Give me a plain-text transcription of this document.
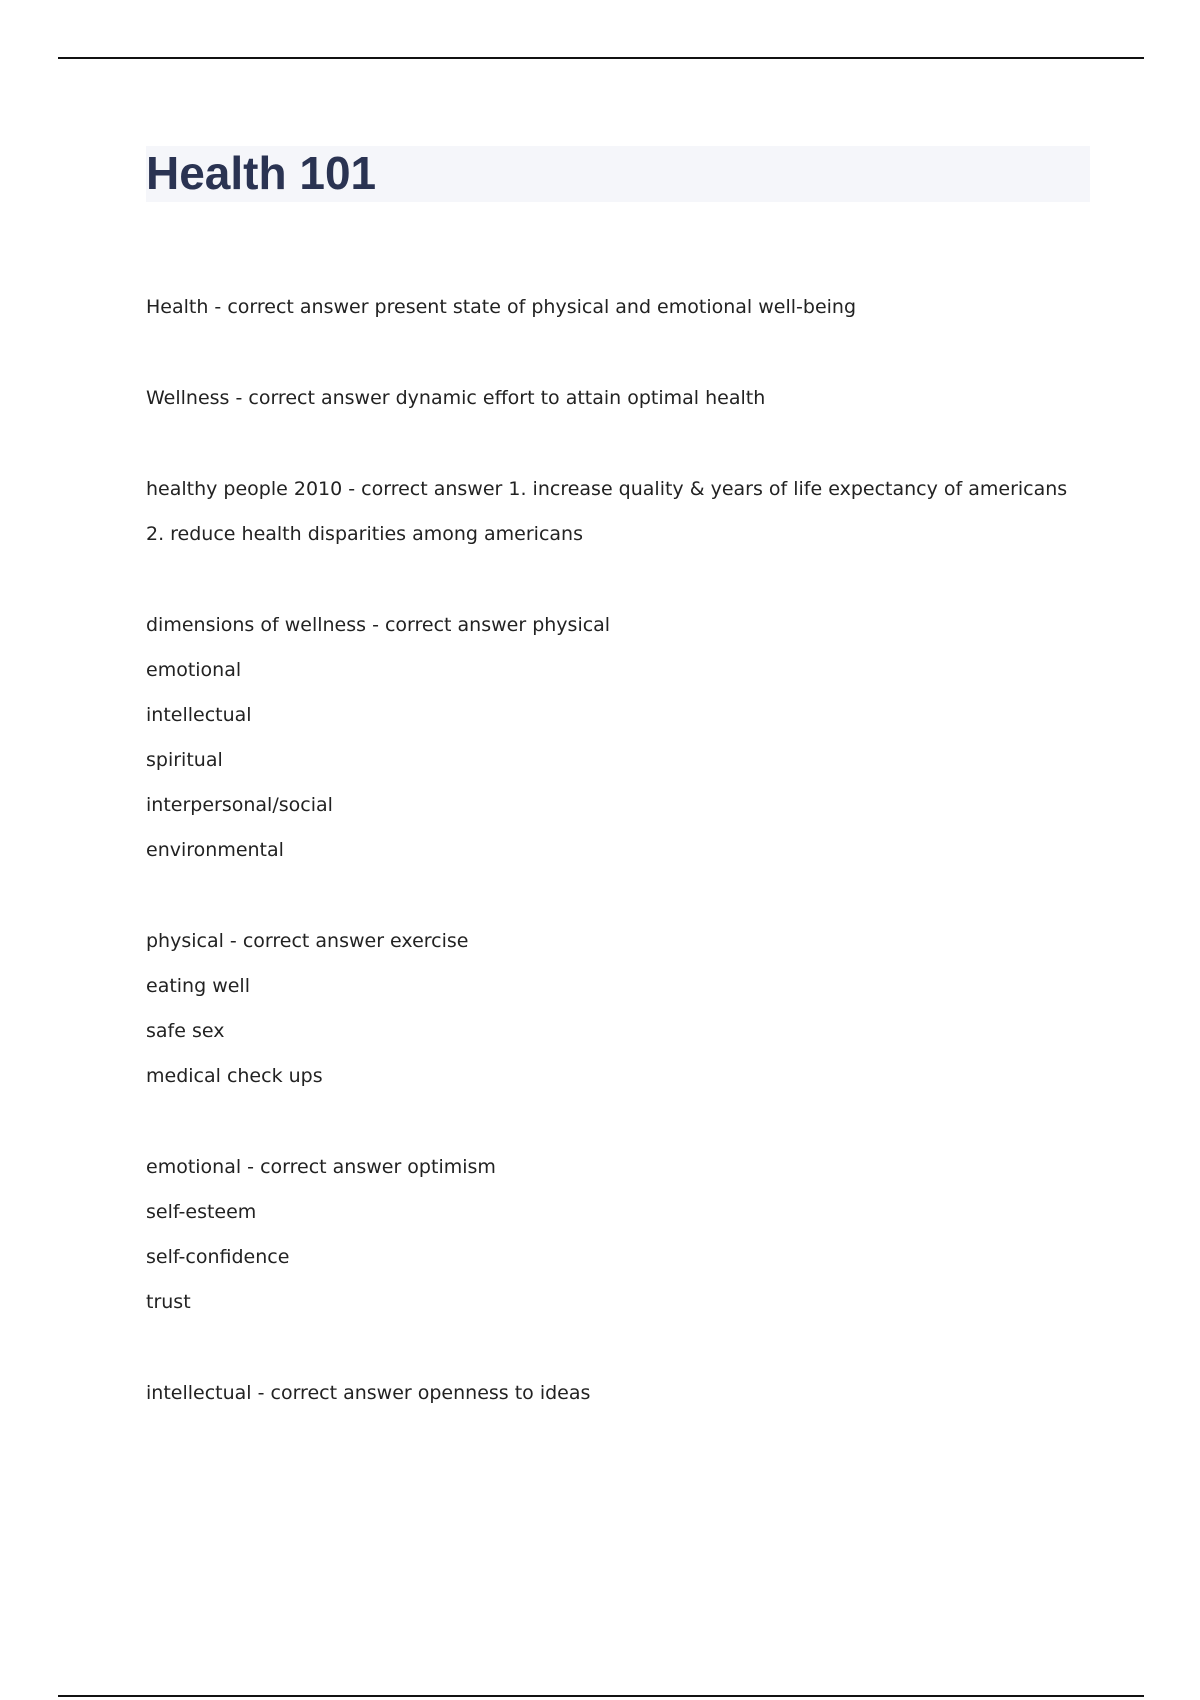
Health 101
Health - correct answer present state of physical and emotional well-being
Wellness - correct answer dynamic effort to attain optimal health
healthy people 2010 - correct answer 1. increase quality & years of life expectancy of americans
2. reduce health disparities among americans
dimensions of wellness - correct answer physical
emotional
intellectual
spiritual
interpersonal/social
environmental
physical - correct answer exercise
eating well
safe sex
medical check ups
emotional - correct answer optimism
self-esteem
self-confidence
trust
intellectual - correct answer openness to ideas
